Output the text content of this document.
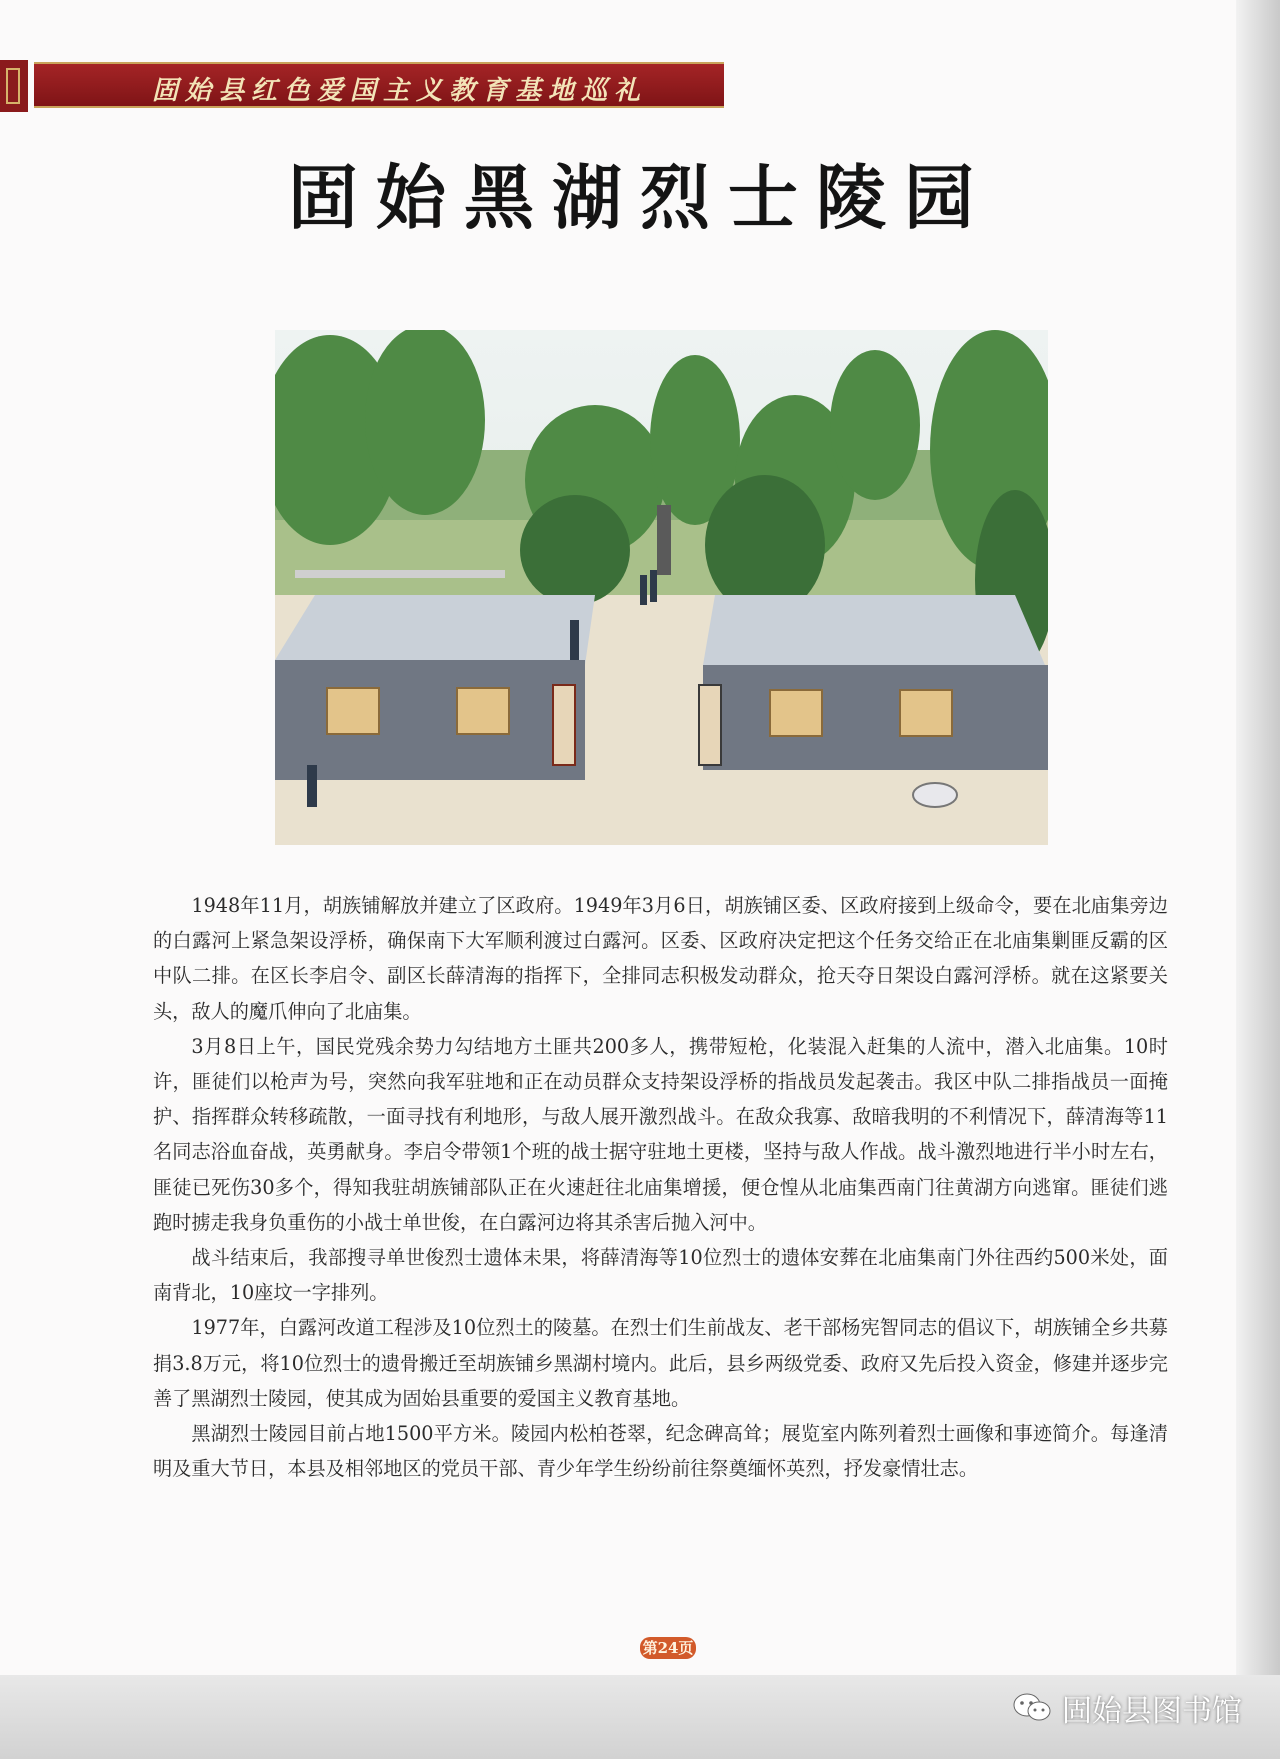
固始县红色爱国主义教育基地巡礼
固始黑湖烈士陵园

1948年11月，胡族铺解放并建立了区政府。1949年3月6日，胡族铺区委、区政府接到上级命令，要在北庙集旁边的白露河上紧急架设浮桥，确保南下大军顺利渡过白露河。区委、区政府决定把这个任务交给正在北庙集剿匪反霸的区中队二排。在区长李启令、副区长薛清海的指挥下，全排同志积极发动群众，抢天夺日架设白露河浮桥。就在这紧要关头，敌人的魔爪伸向了北庙集。

3月8日上午，国民党残余势力勾结地方土匪共200多人，携带短枪，化装混入赶集的人流中，潜入北庙集。10时许，匪徒们以枪声为号，突然向我军驻地和正在动员群众支持架设浮桥的指战员发起袭击。我区中队二排指战员一面掩护、指挥群众转移疏散，一面寻找有利地形，与敌人展开激烈战斗。在敌众我寡、敌暗我明的不利情况下，薛清海等11名同志浴血奋战，英勇献身。李启令带领1个班的战士据守驻地土更楼，坚持与敌人作战。战斗激烈地进行半小时左右，匪徒已死伤30多个，得知我驻胡族铺部队正在火速赶往北庙集增援，便仓惶从北庙集西南门往黄湖方向逃窜。匪徒们逃跑时掳走我身负重伤的小战士单世俊，在白露河边将其杀害后抛入河中。

战斗结束后，我部搜寻单世俊烈士遗体未果，将薛清海等10位烈士的遗体安葬在北庙集南门外往西约500米处，面南背北，10座坟一字排列。

1977年，白露河改道工程涉及10位烈土的陵墓。在烈士们生前战友、老干部杨宪智同志的倡议下，胡族铺全乡共募捐3.8万元，将10位烈士的遗骨搬迁至胡族铺乡黑湖村境内。此后，县乡两级党委、政府又先后投入资金，修建并逐步完善了黑湖烈士陵园，使其成为固始县重要的爱国主义教育基地。

黑湖烈士陵园目前占地1500平方米。陵园内松柏苍翠，纪念碑高耸；展览室内陈列着烈士画像和事迹简介。每逢清明及重大节日，本县及相邻地区的党员干部、青少年学生纷纷前往祭奠缅怀英烈，抒发豪情壮志。

第24页
固始县图书馆
